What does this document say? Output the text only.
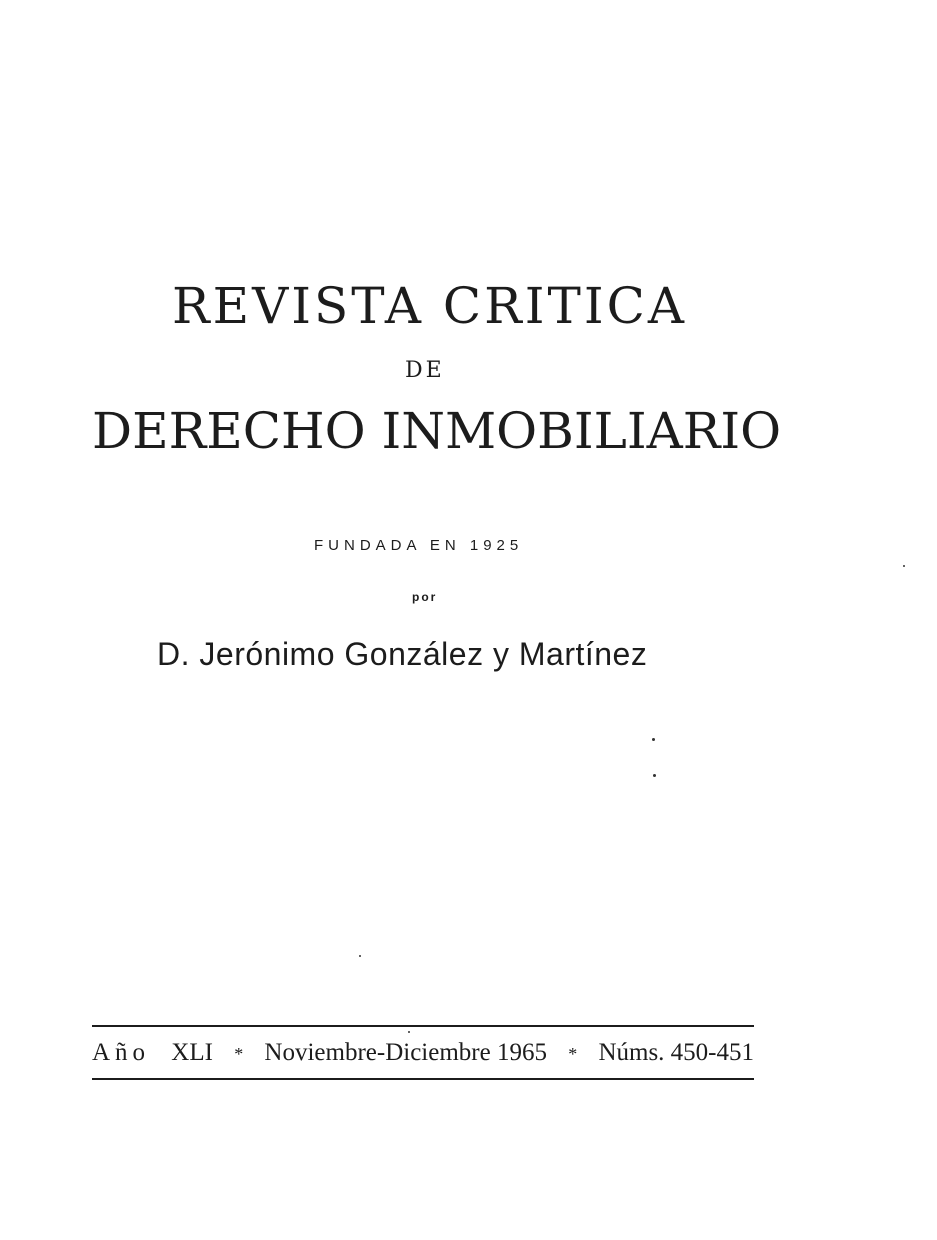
REVISTA CRITICA
DE
DERECHO INMOBILIARIO
FUNDADA EN 1925
por
D. Jerónimo González y Martínez
Año XLI * Noviembre-Diciembre 1965 * Núms. 450-451
